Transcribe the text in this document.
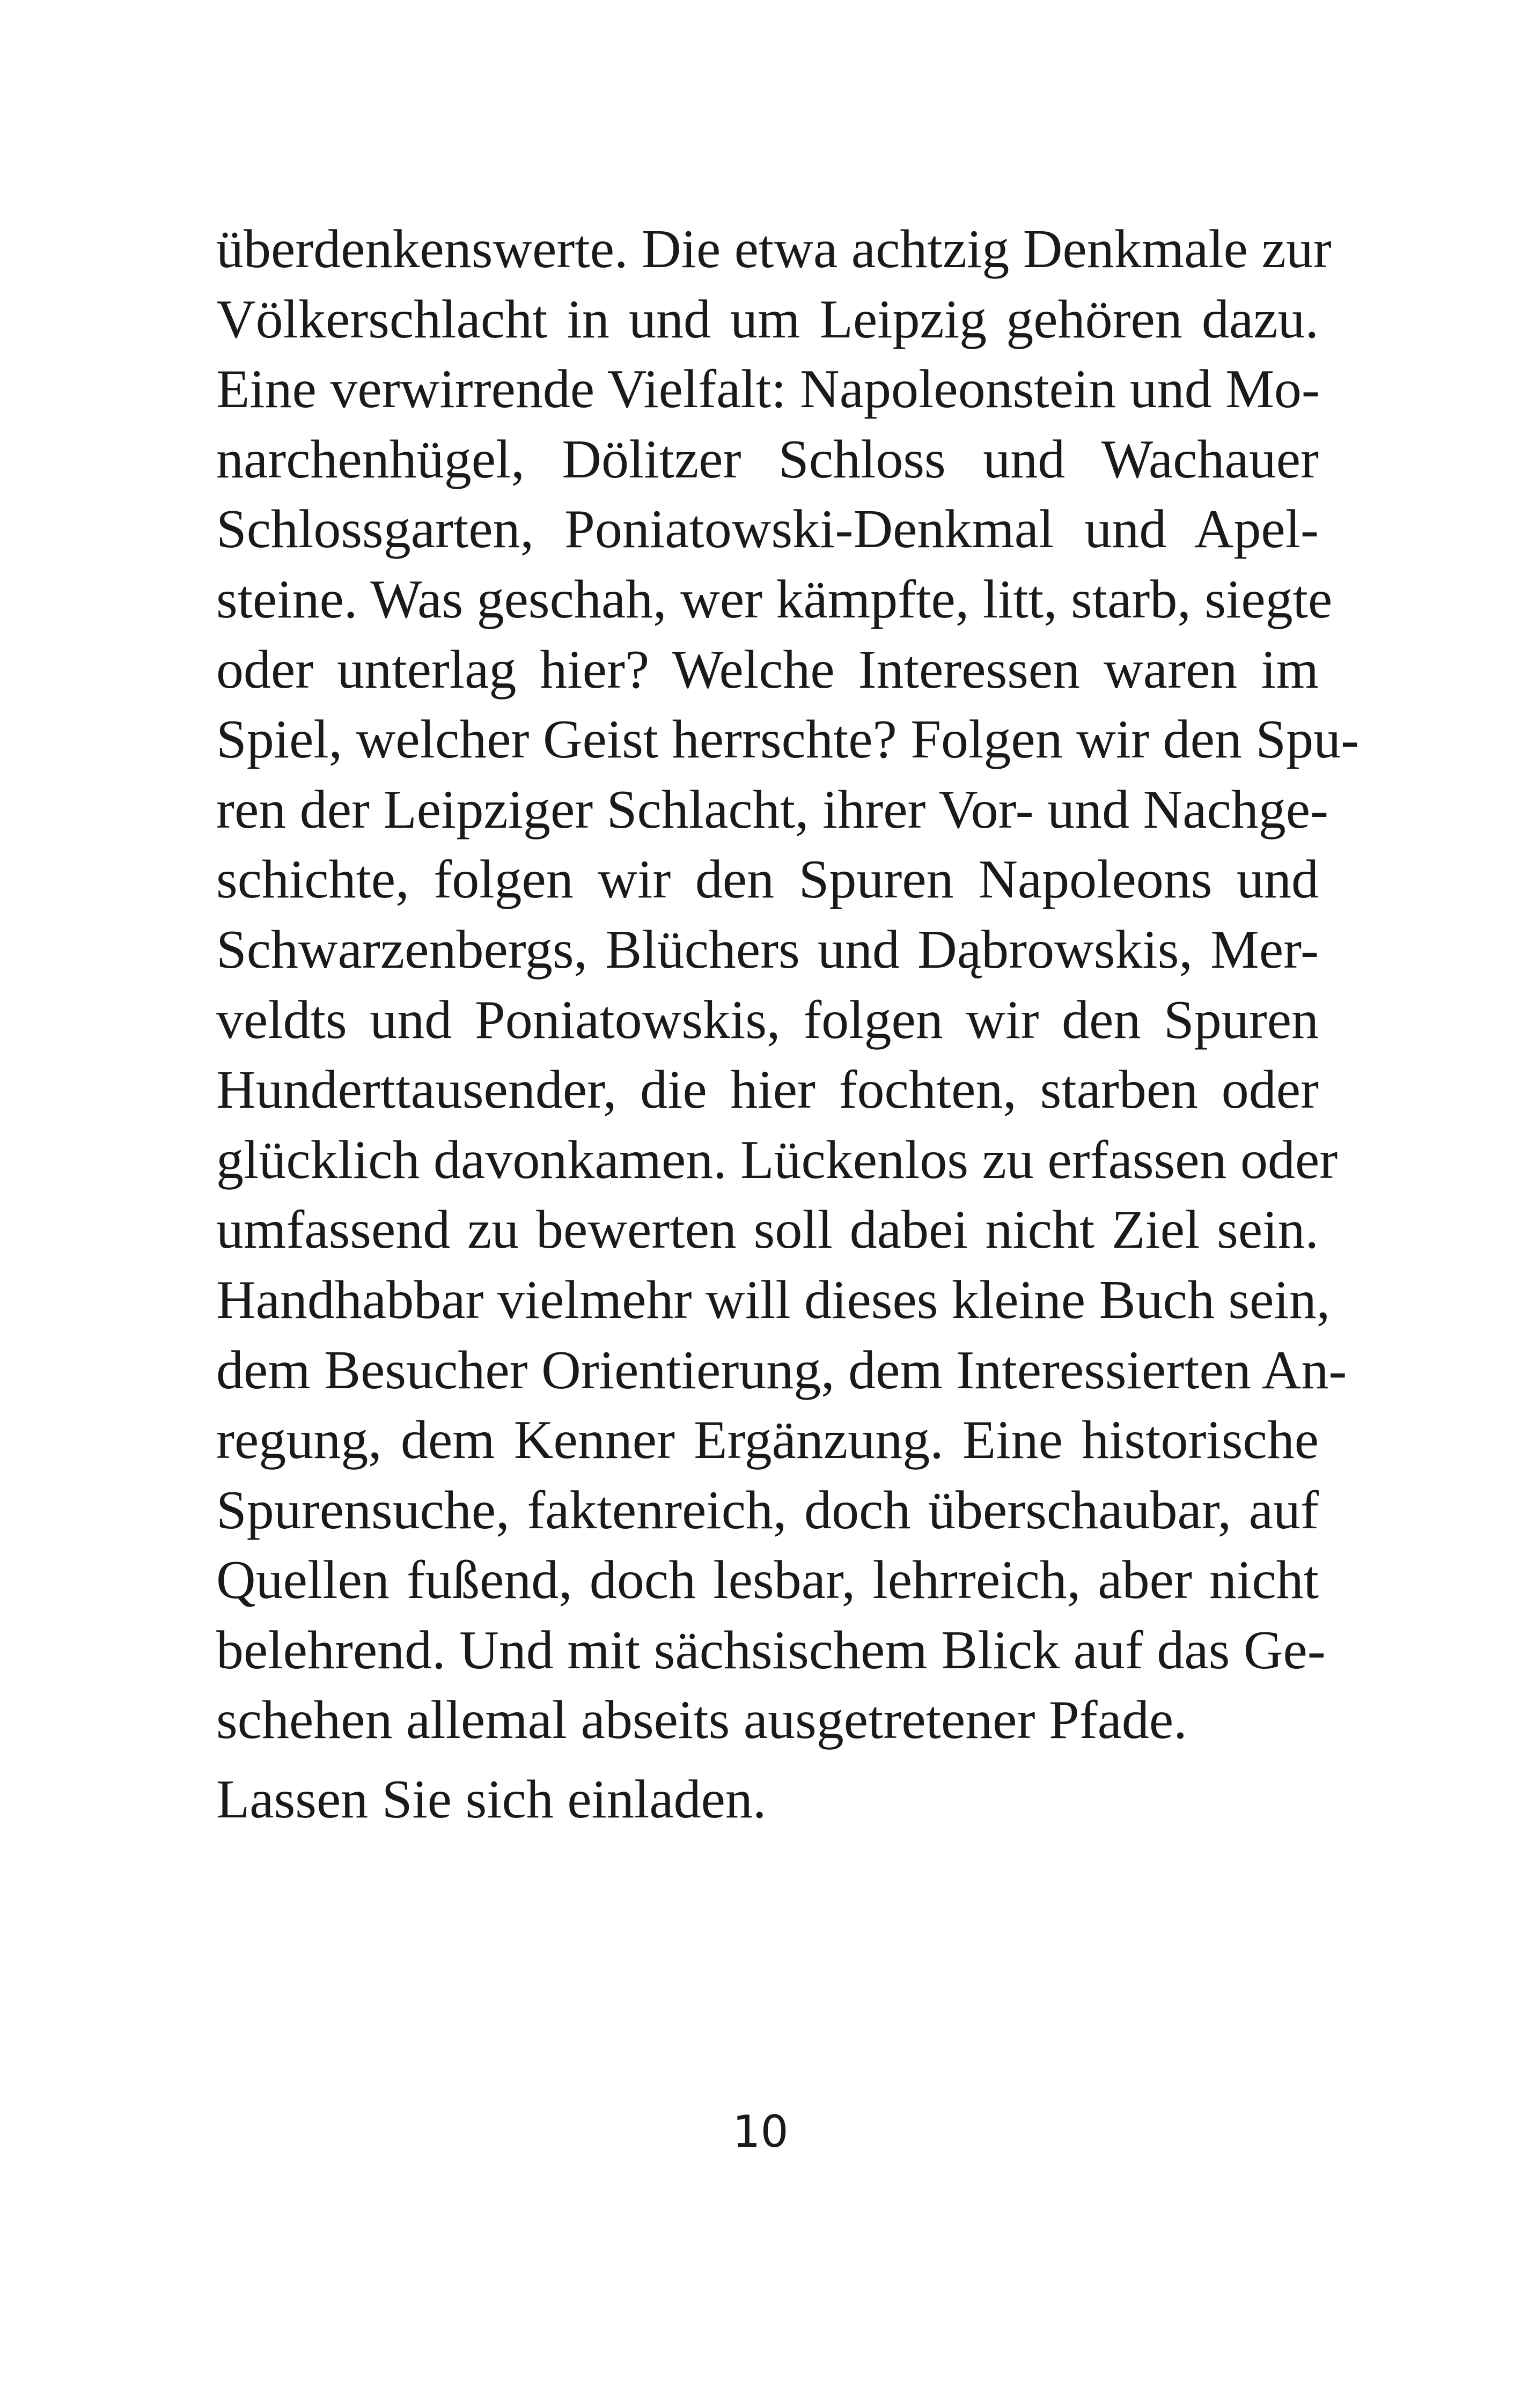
überdenkenswerte. Die etwa achtzig Denkmale zur
Völkerschlacht in und um Leipzig gehören dazu.
Eine verwirrende Vielfalt: Napoleonstein und Mo-
narchenhügel, Dölitzer Schloss und Wachauer
Schlossgarten, Poniatowski-Denkmal und Apel-
steine. Was geschah, wer kämpfte, litt, starb, siegte
oder unterlag hier? Welche Interessen waren im
Spiel, welcher Geist herrschte? Folgen wir den Spu-
ren der Leipziger Schlacht, ihrer Vor- und Nachge-
schichte, folgen wir den Spuren Napoleons und
Schwarzenbergs, Blüchers und Dąbrowskis, Mer-
veldts und Poniatowskis, folgen wir den Spuren
Hunderttausender, die hier fochten, starben oder
glücklich davonkamen. Lückenlos zu erfassen oder
umfassend zu bewerten soll dabei nicht Ziel sein.
Handhabbar vielmehr will dieses kleine Buch sein,
dem Besucher Orientierung, dem Interessierten An-
regung, dem Kenner Ergänzung. Eine historische
Spurensuche, faktenreich, doch überschaubar, auf
Quellen fußend, doch lesbar, lehrreich, aber nicht
belehrend. Und mit sächsischem Blick auf das Ge-
schehen allemal abseits ausgetretener Pfade.
Lassen Sie sich einladen.
10
